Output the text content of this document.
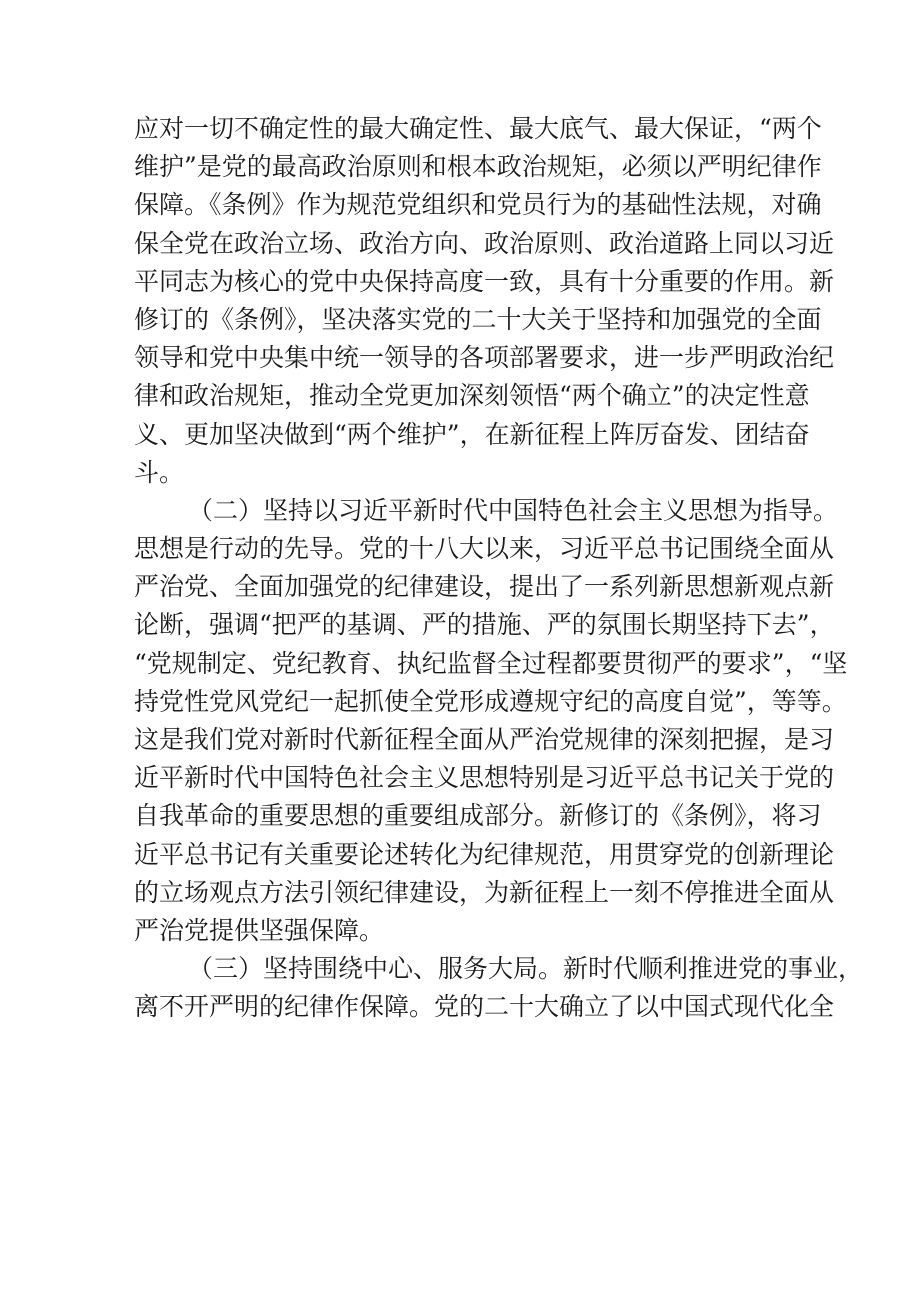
应对一切不确定性的最大确定性、最大底气、最大保证，“两个
维护”是党的最高政治原则和根本政治规矩，必须以严明纪律作
保障。《条例》作为规范党组织和党员行为的基础性法规，对确
保全党在政治立场、政治方向、政治原则、政治道路上同以习近
平同志为核心的党中央保持高度一致，具有十分重要的作用。新
修订的《条例》，坚决落实党的二十大关于坚持和加强党的全面
领导和党中央集中统一领导的各项部署要求，进一步严明政治纪
律和政治规矩，推动全党更加深刻领悟“两个确立”的决定性意
义、更加坚决做到“两个维护”，在新征程上阵厉奋发、团结奋
斗。
（二）坚持以习近平新时代中国特色社会主义思想为指导。
思想是行动的先导。党的十八大以来，习近平总书记围绕全面从
严治党、全面加强党的纪律建设，提出了一系列新思想新观点新
论断，强调“把严的基调、严的措施、严的氛围长期坚持下去”，
“党规制定、党纪教育、执纪监督全过程都要贯彻严的要求”，“坚
持党性党风党纪一起抓使全党形成遵规守纪的高度自觉”，等等。
这是我们党对新时代新征程全面从严治党规律的深刻把握，是习
近平新时代中国特色社会主义思想特别是习近平总书记关于党的
自我革命的重要思想的重要组成部分。新修订的《条例》，将习
近平总书记有关重要论述转化为纪律规范，用贯穿党的创新理论
的立场观点方法引领纪律建设，为新征程上一刻不停推进全面从
严治党提供坚强保障。
（三）坚持围绕中心、服务大局。新时代顺利推进党的事业，
离不开严明的纪律作保障。党的二十大确立了以中国式现代化全
